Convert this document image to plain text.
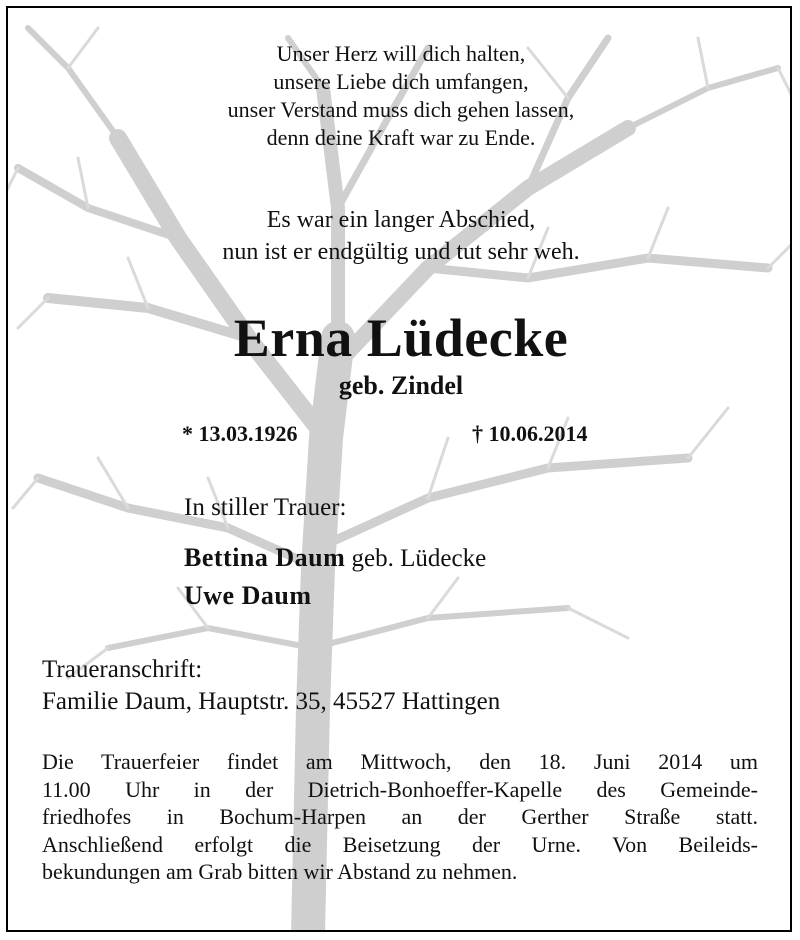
Unser Herz will dich halten,
unsere Liebe dich umfangen,
unser Verstand muss dich gehen lassen,
denn deine Kraft war zu Ende.
Es war ein langer Abschied,
nun ist er endgültig und tut sehr weh.
Erna Lüdecke
geb. Zindel
* 13.03.1926	† 10.06.2014
In stiller Trauer:
Bettina Daum geb. Lüdecke
Uwe Daum
Traueranschrift:
Familie Daum, Hauptstr. 35, 45527 Hattingen
Die Trauerfeier findet am Mittwoch, den 18. Juni 2014 um
11.00 Uhr in der Dietrich-Bonhoeffer-Kapelle des Gemeinde-
friedhofes in Bochum-Harpen an der Gerther Straße statt.
Anschließend erfolgt die Beisetzung der Urne. Von Beileids-
bekundungen am Grab bitten wir Abstand zu nehmen.
